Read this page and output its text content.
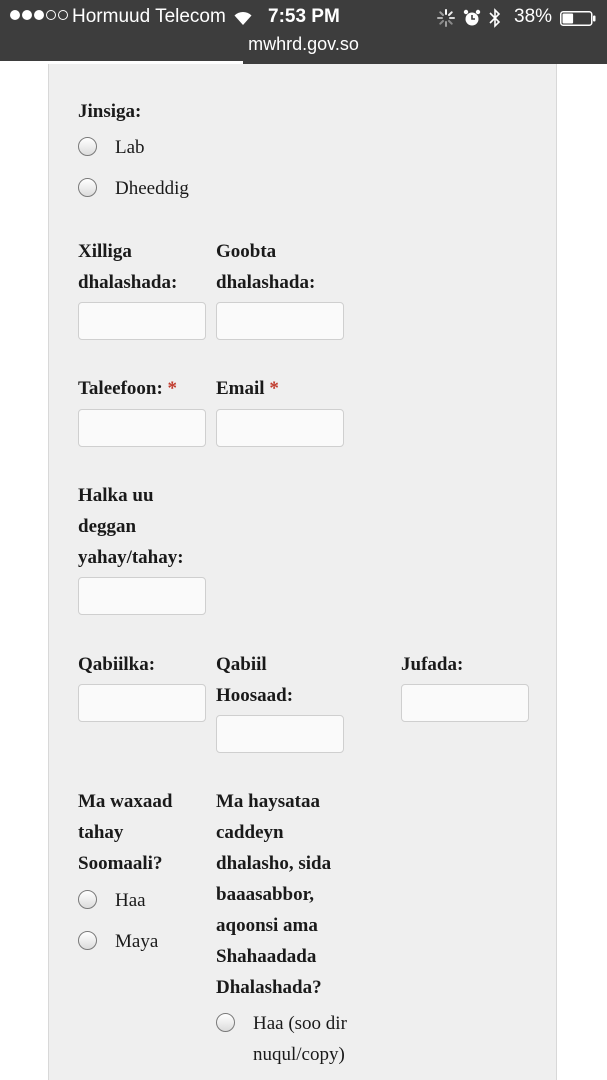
Hormuud Telecom 7:53 PM	38%
mwhrd.gov.so
Jinsiga:
Lab
Dheeddig
Xilliga
dhalashada:
Goobta
dhalashada:
Taleefoon: * Email *
Halka uu
deggan
yahay/tahay:
Qabiilka:	Qabiil
Hoosaad:
Jufada:
Ma waxaad
tahay
Soomaali?
Haa
Maya
Ma haysataa
caddeyn
dhalasho, sida
baaasabbor,
aqoonsi ama
Shahaadada
Dhalashada?
Haa (soo dir
nuqul/copy)
